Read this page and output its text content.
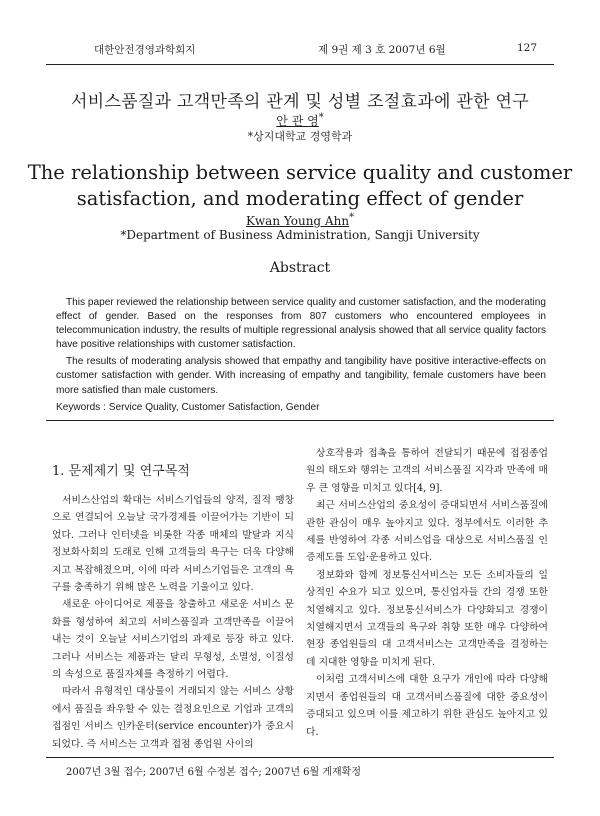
대한안전경영과학회지	제 9권 제 3 호 2007년 6월	127
서비스품질과 고객만족의 관계 및 성별 조절효과에 관한 연구
안 관 영*
*상지대학교 경영학과
The relationship between service quality and customer
satisfaction, and moderating effect of gender
Kwan Young Ahn*
*Department of Business Administration, Sangji University
Abstract

This paper reviewed the relationship between service quality and customer satisfaction, and the moderating effect of gender. Based on the responses from 807 customers who encountered employees in telecommunication industry, the results of multiple regressional analysis showed that all service quality factors have positive relationships with customer satisfaction.

The results of moderating analysis showed that empathy and tangibility have positive interactive-effects on customer satisfaction with gender. With increasing of empathy and tangibility, female customers have been more satisfied than male customers.

Keywords : Service Quality, Customer Satisfaction, Gender
1. 문제제기 및 연구목적

서비스산업의 확대는 서비스기업들의 양적, 질적 팽창으로 연결되어 오늘날 국가경제를 이끌어가는 기반이 되었다. 그러나 인터넷을 비롯한 각종 매체의 발달과 지식정보화사회의 도래로 인해 고객들의 욕구는 더욱 다양해지고 복잡해졌으며, 이에 따라 서비스기업들은 고객의 욕구를 충족하기 위해 많은 노력을 기울이고 있다.

새로운 아이디어로 제품을 창출하고 새로운 서비스 문화를 형성하여 최고의 서비스품질과 고객만족을 이끌어 내는 것이 오늘날 서비스기업의 과제로 등장 하고 있다. 그러나 서비스는 제품과는 달리 무형성, 소멸성, 이질성의 속성으로 품질자체를 측정하기 어렵다.

따라서 유형적인 대상물이 거래되지 않는 서비스 상황에서 품질을 좌우할 수 있는 결정요인으로 기업과 고객의 접점인 서비스 인카운터(service encounter)가 중요시 되었다. 즉 서비스는 고객과 접점 종업원 사이의

상호작용과 접촉을 통하여 전달되기 때문에 접점종업원의 태도와 행위는 고객의 서비스품질 지각과 만족에 매우 큰 영향을 미치고 있다[4, 9].

최근 서비스산업의 중요성이 증대되면서 서비스품질에 관한 관심이 매우 높아지고 있다. 정부에서도 이러한 추세를 반영하여 각종 서비스업을 대상으로 서비스품질 인증제도를 도입·운용하고 있다.

정보화와 함께 정보통신서비스는 모든 소비자들의 일상적인 수요가 되고 있으며, 통신업자들 간의 경쟁 또한 치열해지고 있다. 정보통신서비스가 다양화되고 경쟁이 치열해지면서 고객들의 욕구와 취향 또한 매우 다양하여 현장 종업원들의 대 고객서비스는 고객만족을 결정하는데 지대한 영향을 미치게 된다.

이처럼 고객서비스에 대한 요구가 개인에 따라 다양해지면서 종업원들의 대 고객서비스품질에 대한 중요성이 증대되고 있으며 이를 제고하기 위한 관심도 높아지고 있다.

2007년 3월 접수; 2007년 6월 수정본 접수; 2007년 6월 게재확정
